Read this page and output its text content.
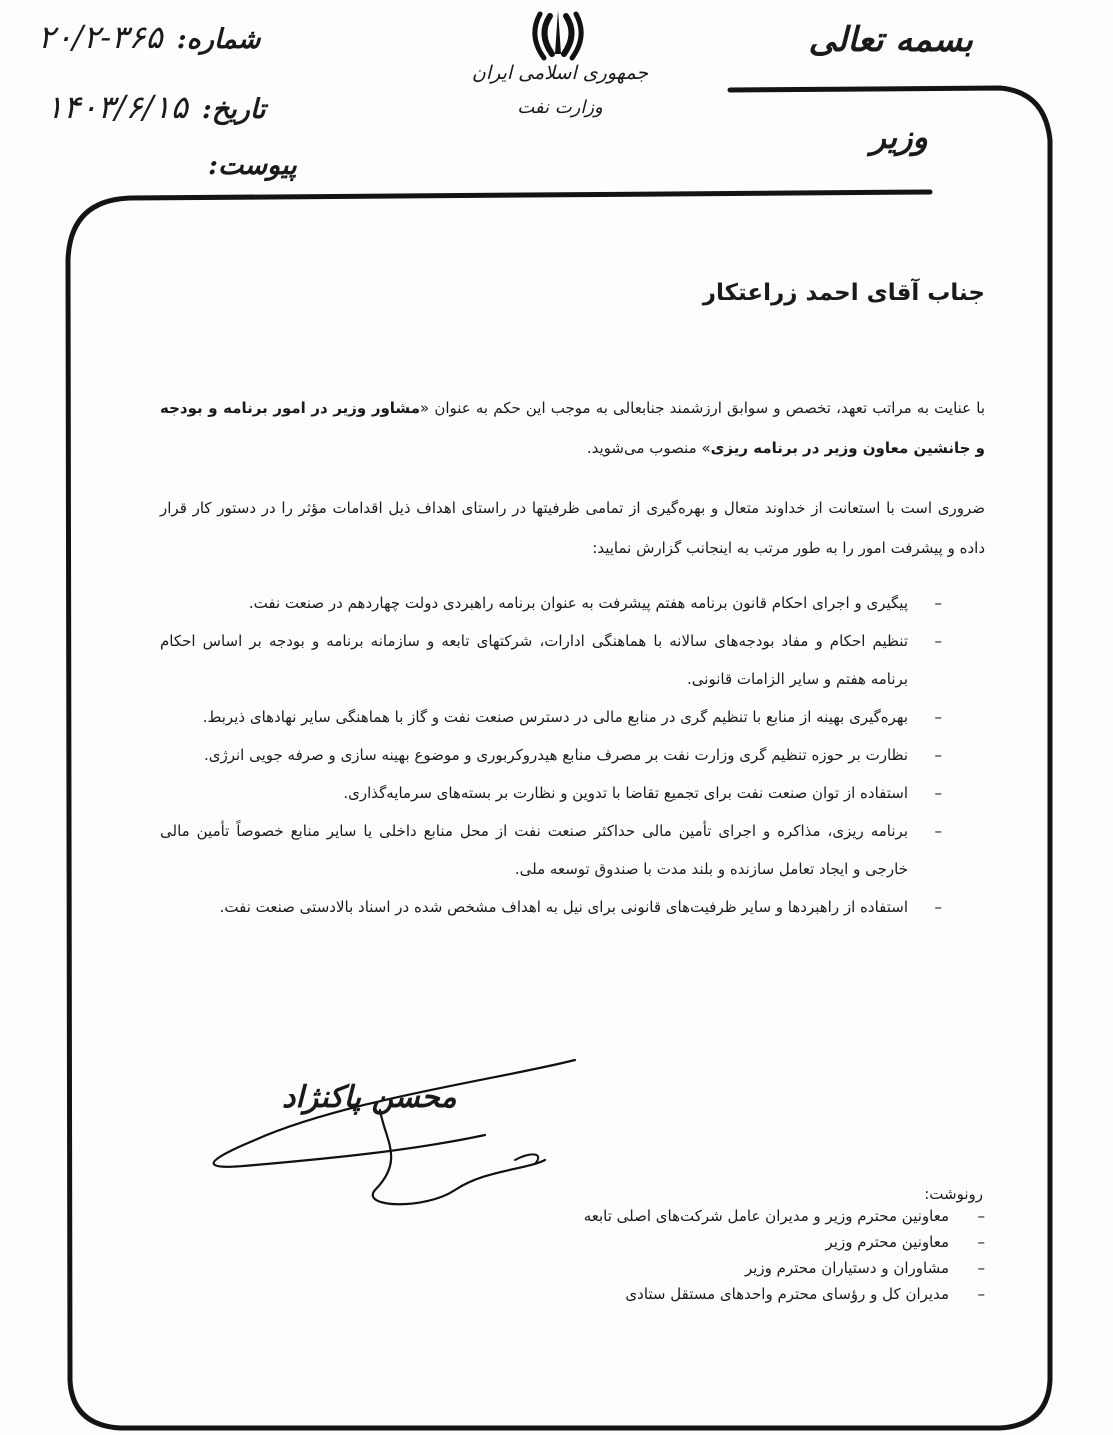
بسمه تعالی
وزیر
جمهوری اسلامی ایران
وزارت نفت
شماره:
۲۰/۲-۳۶۵
تاریخ:
۱۴۰۳/۶/۱۵
پیوست:
جناب آقای احمد زراعتکار
با عنایت به مراتب تعهد، تخصص و سوابق ارزشمند جنابعالی به موجب این حکم به عنوان «مشاور وزیر در امور برنامه و بودجه و جانشین معاون وزیر در برنامه ریزی» منصوب می‌شوید.
ضروری است با استعانت از خداوند متعال و بهره‌گیری از تمامی ظرفیتها در راستای اهداف ذیل اقدامات مؤثر را در دستور کار قرار داده و پیشرفت امور را به طور مرتب به اینجانب گزارش نمایید:
– پیگیری و اجرای احکام قانون برنامه هفتم پیشرفت به عنوان برنامه راهبردی دولت چهاردهم در صنعت نفت.
– تنظیم احکام و مفاد بودجه‌های سالانه با هماهنگی ادارات، شرکتهای تابعه و سازمانه برنامه و بودجه بر اساس احکام برنامه هفتم و سایر الزامات قانونی.
– بهره‌گیری بهینه از منابع با تنظیم گری در منابع مالی در دسترس صنعت نفت و گاز با هماهنگی سایر نهادهای ذیربط.
– نظارت بر حوزه تنظیم گری وزارت نفت بر مصرف منابع هیدروکربوری و موضوع بهینه سازی و صرفه جویی انرژی.
– استفاده از توان صنعت نفت برای تجمیع تقاضا با تدوین و نظارت بر بسته‌های سرمایه‌گذاری.
– برنامه ریزی، مذاکره و اجرای تأمین مالی حداکثر صنعت نفت از محل منابع داخلی یا سایر منابع خصوصاً تأمین مالی خارجی و ایجاد تعامل سازنده و بلند مدت با صندوق توسعه ملی.
– استفاده از راهبردها و سایر ظرفیت‌های قانونی برای نیل به اهداف مشخص شده در اسناد بالادستی صنعت نفت.
محسن پاکنژاد
رونوشت:
– معاونین محترم وزیر و مدیران عامل شرکت‌های اصلی تابعه
– معاونین محترم وزیر
– مشاوران و دستیاران محترم وزیر
– مدیران کل و رؤسای محترم واحدهای مستقل ستادی
